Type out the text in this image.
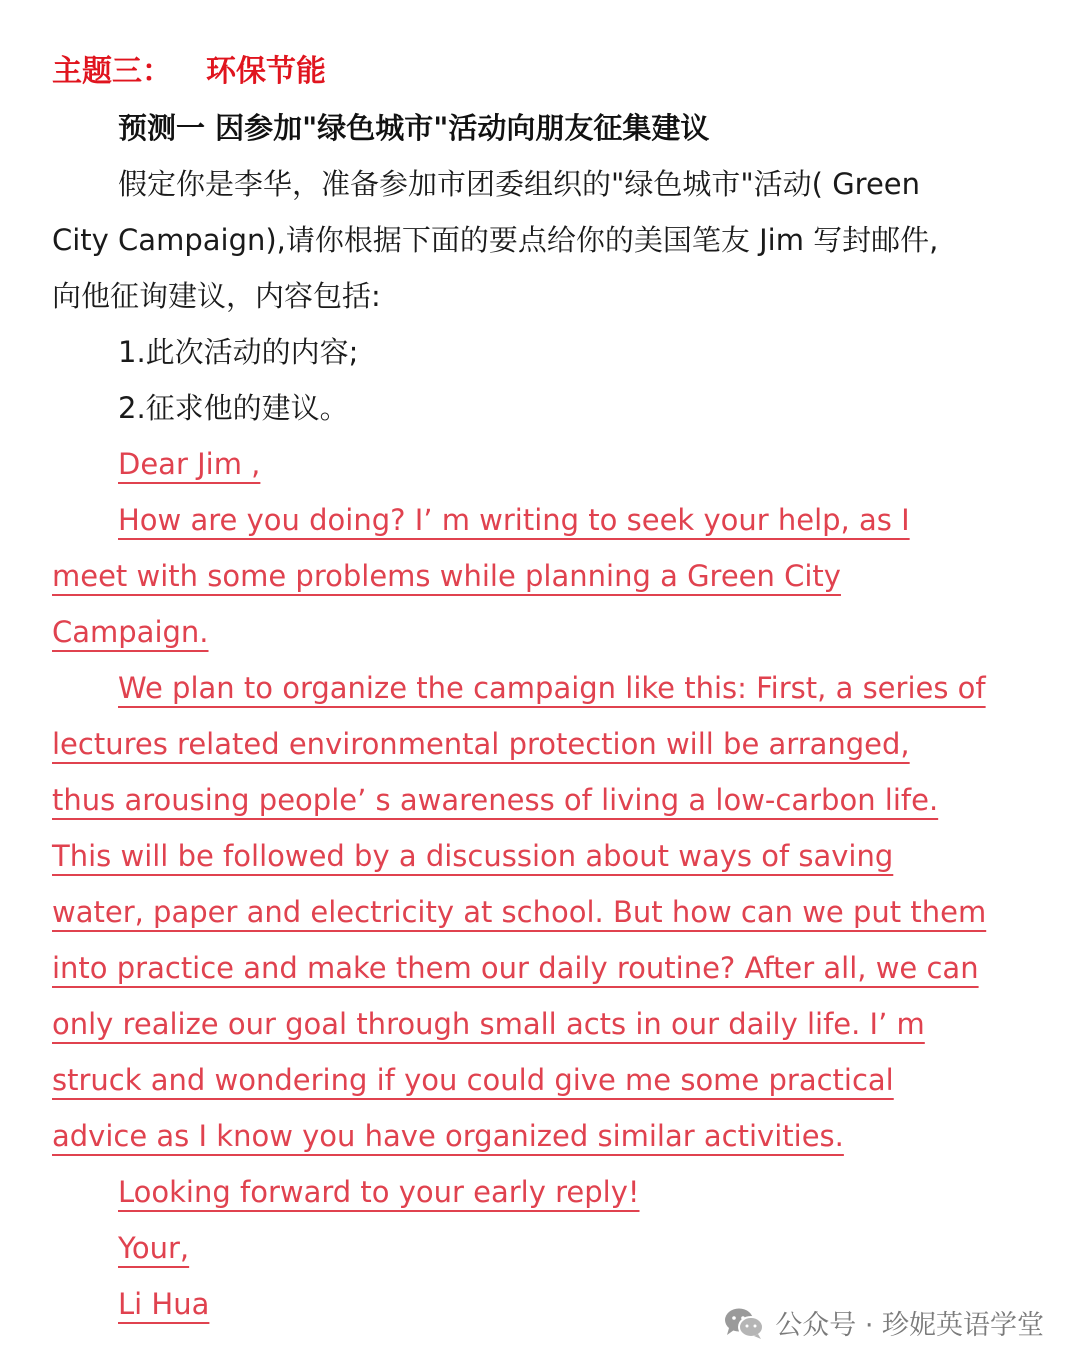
主题三： 环保节能
预测一 因参加"绿色城市"活动向朋友征集建议
假定你是李华，准备参加市团委组织的"绿色城市"活动( Green
City Campaign),请你根据下面的要点给你的美国笔友 Jim 写封邮件,
向他征询建议，内容包括:
1.此次活动的内容;
2.征求他的建议。
Dear Jim ,
How are you doing? I’ m writing to seek your help, as I
meet with some problems while planning a Green City
Campaign.
We plan to organize the campaign like this: First, a series of
lectures related environmental protection will be arranged,
thus arousing people’ s awareness of living a low-carbon life.
This will be followed by a discussion about ways of saving
water, paper and electricity at school. But how can we put them
into practice and make them our daily routine? After all, we can
only realize our goal through small acts in our daily life. I’ m
struck and wondering if you could give me some practical
advice as I know you have organized similar activities.
Looking forward to your early reply!
Your,
Li Hua
公众号 · 珍妮英语学堂
